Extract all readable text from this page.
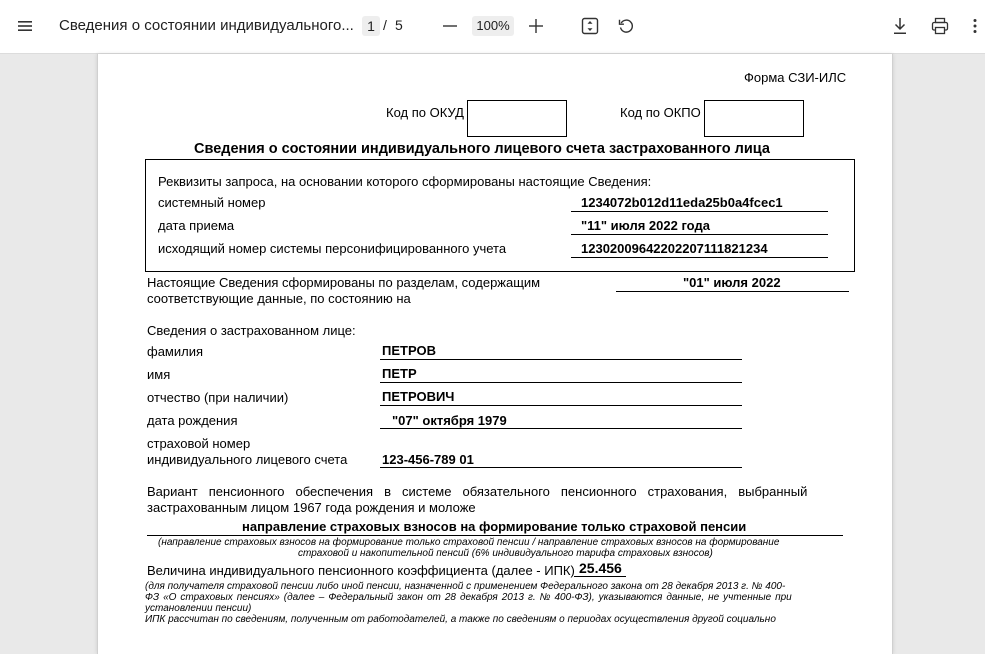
Сведения о состоянии индивидуального... 1 / 5	100%
Форма СЗИ-ИЛС
Код по ОКУД	Код по ОКПО
Сведения о состоянии индивидуального лицевого счета застрахованного лица
Реквизиты запроса, на основании которого сформированы настоящие Сведения:
системный номер	1234072b012d11eda25b0a4fcec1
дата приема	"11" июля 2022 года
исходящий номер системы персонифицированного учета	12302009642202207111821234
Настоящие Сведения сформированы по разделам, содержащим
соответствующие данные, по состоянию на
"01" июля 2022
Сведения о застрахованном лице:
фамилия	ПЕТРОВ
имя	ПЕТР
отчество (при наличии)	ПЕТРОВИЧ
дата рождения	"07" октября 1979
страховой номер
индивидуального лицевого счета	123-456-789 01
Вариант пенсионного обеспечения в системе обязательного пенсионного страхования, выбранный
застрахованным лицом 1967 года рождения и моложе
направление страховых взносов на формирование только страховой пенсии
(направление страховых взносов на формирование только страховой пенсии / направление страховых взносов на формирование
страховой и накопительной пенсий (6% индивидуального тарифа страховых взносов)
Величина индивидуального пенсионного коэффициента (далее - ИПК) 25.456
(для получателя страховой пенсии либо иной пенсии, назначенной с применением Федерального закона от 28 декабря 2013 г. № 400-
ФЗ «О страховых пенсиях» (далее – Федеральный закон от 28 декабря 2013 г. № 400-ФЗ), указываются данные, не учтенные при
установлении пенсии)
ИПК рассчитан по сведениям, полученным от работодателей, а также по сведениям о периодах осуществления другой социально
